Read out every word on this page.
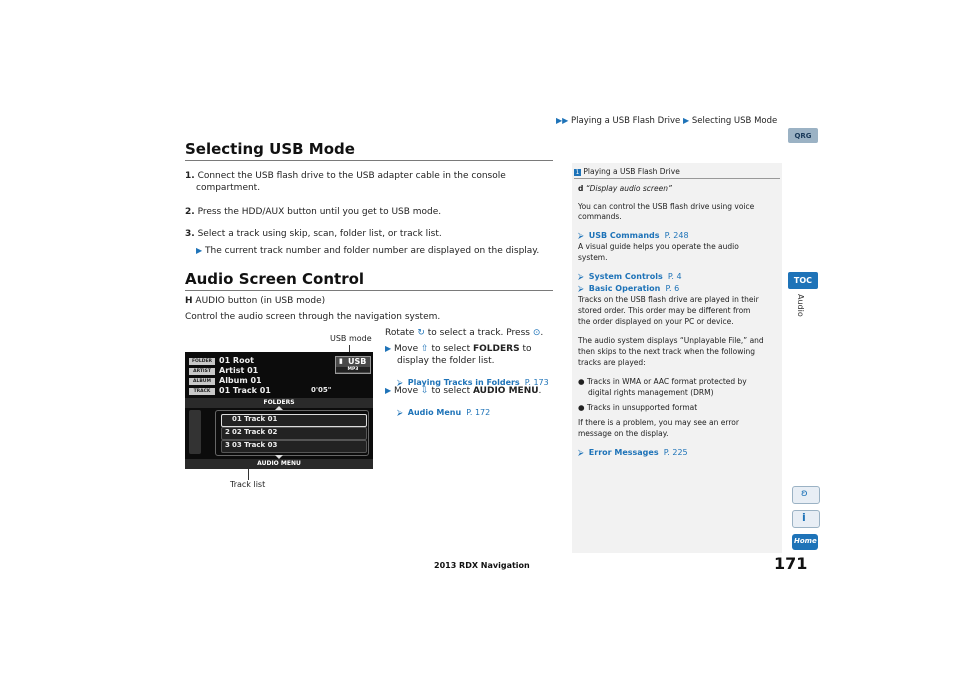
▶▶ Playing a USB Flash Drive ▶ Selecting USB Mode
QRG
TOC
Audio
Selecting USB Mode
1. Connect the USB flash drive to the USB adapter cable in the console
compartment.
2. Press the HDD/AUX button until you get to USB mode.
3. Select a track using skip, scan, folder list, or track list.
▶ The current track number and folder number are displayed on the display.
Audio Screen Control
H AUDIO button (in USB mode)
Control the audio screen through the navigation system.
Rotate ↻ to select a track. Press ⊙.
▶ Move ⇧ to select FOLDERS to
display the folder list.
⮚ Playing Tracks in Folders P. 173
▶ Move ⇩ to select AUDIO MENU.
⮚ Audio Menu P. 172
USB mode
Track list
FOLDER 01 Root
ARTIST	Artist 01
ALBUM	Album 01
TRACK	01 Track 01	0'05"
▮ USB
MP3
FOLDERS
01 Track 01
2 02 Track 02
3 03 Track 03
AUDIO MENU
1 Playing a USB Flash Drive
d “Display audio screen”
You can control the USB flash drive using voice
commands.
⮚ USB Commands P. 248
A visual guide helps you operate the audio
system.
⮚ System Controls P. 4
⮚ Basic Operation P. 6
Tracks on the USB flash drive are played in their
stored order. This order may be different from
the order displayed on your PC or device.
The audio system displays “Unplayable File,” and
then skips to the next track when the following
tracks are played:
● Tracks in WMA or AAC format protected by
digital rights management (DRM)
● Tracks in unsupported format
If there is a problem, you may see an error
message on the display.
⮚ Error Messages P. 225
ʚ
i
Home
171
2013 RDX Navigation
